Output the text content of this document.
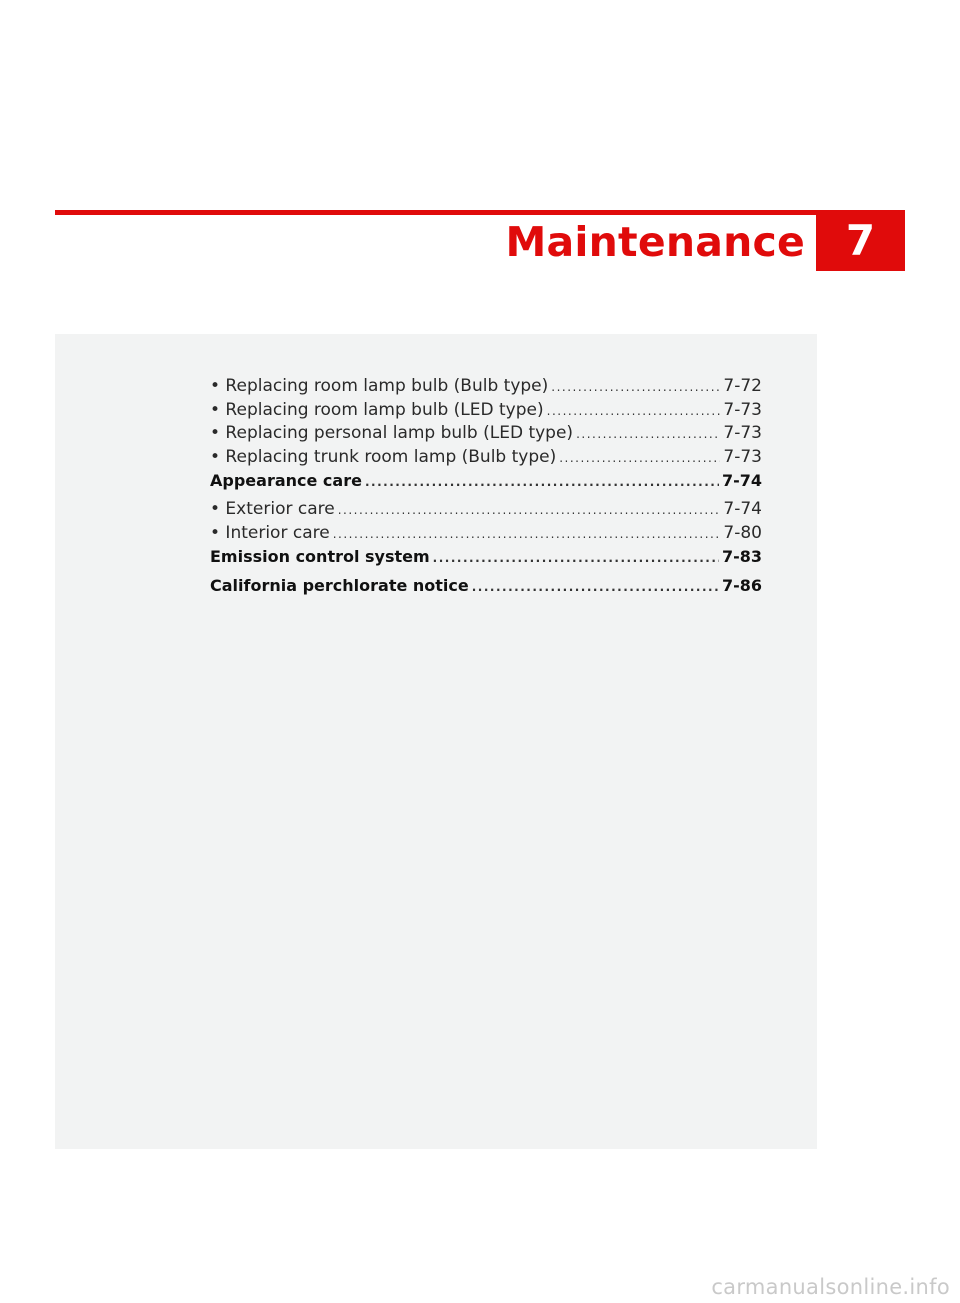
Maintenance 7
• Replacing room lamp bulb (Bulb type) .....	7-72
• Replacing room lamp bulb (LED type) .....	7-73
• Replacing personal lamp bulb (LED type) .....	7-73
• Replacing trunk room lamp (Bulb type) .....	7-73
Appearance care .....	7-74
• Exterior care .....	7-74
• Interior care .....	7-80
Emission control system .....	7-83
California perchlorate notice .....	7-86
carmanualsonline.info
